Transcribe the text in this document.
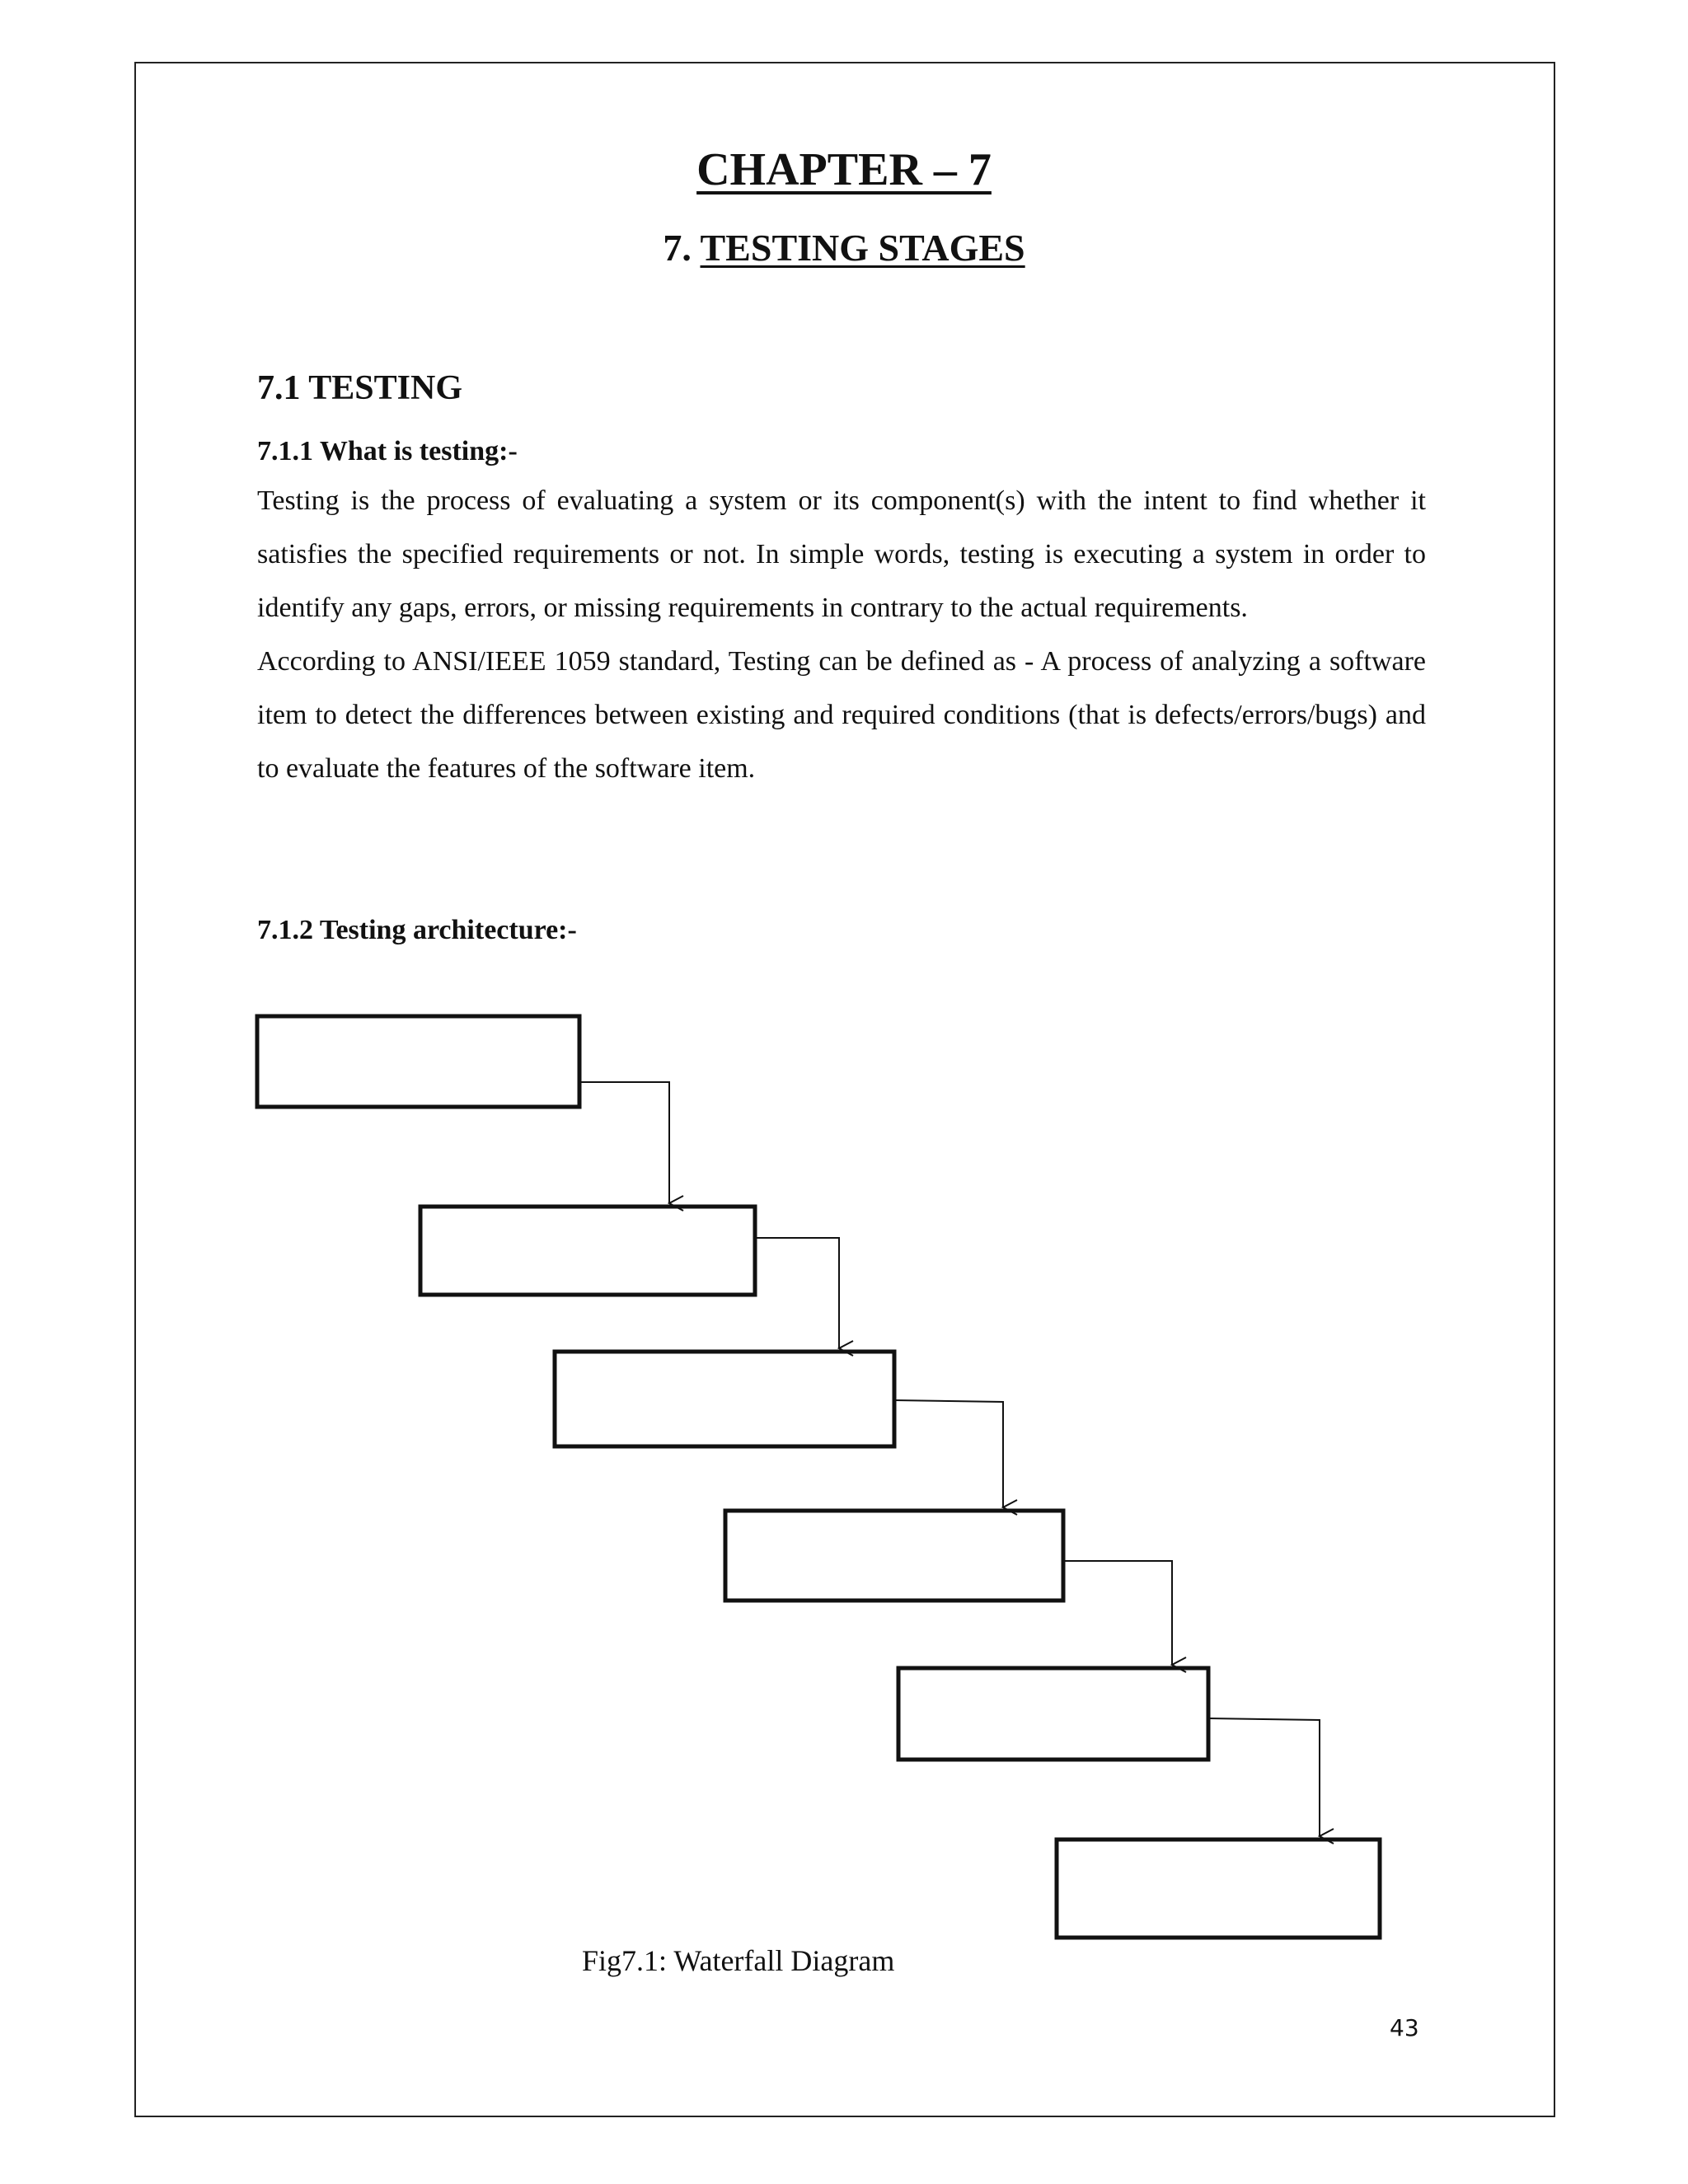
CHAPTER – 7
7. TESTING STAGES
7.1 TESTING
7.1.1 What is testing:-

Testing is the process of evaluating a system or its component(s) with the intent to find whether it satisfies the specified requirements or not. In simple words, testing is executing a system in order to identify any gaps, errors, or missing requirements in contrary to the actual requirements.

According to ANSI/IEEE 1059 standard, Testing can be defined as - A process of analyzing a software item to detect the differences between existing and required conditions (that is defects/errors/bugs) and to evaluate the features of the software item.

7.1.2 Testing architecture:-
Fig7.1: Waterfall Diagram
43
